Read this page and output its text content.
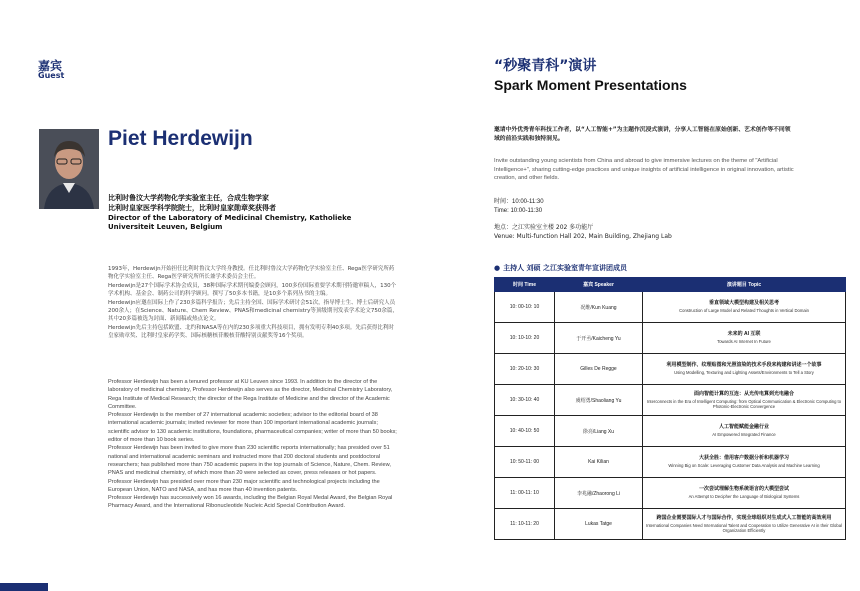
嘉宾
Guest
Piet Herdewijn
比利时鲁汶大学药物化学实验室主任，合成生物学家
比利时皇家医学科学院院士，比利时皇家勋章奖获得者
Director of the Laboratory of Medicinal Chemistry, Katholieke Universiteit Leuven, Belgium

1993年，Herdewijn开始担任比利时鲁汶大学终身教授。任比利时鲁汶大学药物化学实验室主任、Rega医学研究所药物化学实验室主任、Rega医学研究所所长兼学术委员会主任。

Herdewijn是27个国际学术协会成员，38种国际学术期刊编委会顾问，100多份国际重要学术期刊特邀审稿人，130个学术机构、基金会、制药公司的科学顾问。撰写了50多本书籍，是10多个系列丛书的主编。

Herdewijn应邀在国际上作了230多篇科学报告；先后主持全国、国际学术研讨会51次，指导博士生、博士后研究人员200余人；在Science、Nature、Chem Review、PNAS和medicinal chemistry等顶级期刊发表学术论文750余篇，其中20多篇被选为封面、新闻稿或热点论文。

Herdewijn先后主持包括欧盟、北约和NASA等在内的230多项重大科技项目，拥有发明专利40多项。先后获得比利时皇家勋章奖、比利时皇家药学奖、国际核糖核苷酸核苷酸特别贡献奖等16个奖项。

Professor Herdewijn has been a tenured professor at KU Leuven since 1993. In addition to the director of the laboratory of medicinal chemistry, Professor Herdewijn also serves as the director, Medicinal Chemistry Laboratory, Rega Institute of Medical Research; the director of the Rega Institute of Medicine and the director of the Academic Committee.

Professor Herdewijn is the member of 27 international academic societies; advisor to the editorial board of 38 international academic journals; invited reviewer for more than 100 important international academic journals; scientific advisor to 130 academic institutions, foundations, pharmaceutical companies; writer of more than 50 books; editor of more than 10 book series.

Professor Herdewijn has been invited to give more than 230 scientific reports internationally; has presided over 51 national and international academic seminars and instructed more that 200 doctoral students and postdoctoral researchers; has published more than 750 academic papers in the top journals of Science, Nature, Chem. Review, PNAS and medicinal chemistry, of which more than 20 were selected as cover, press releases or hot papers.

Professor Herdewijn has presided over more than 230 major scientific and technological projects including the European Union, NATO and NASA, and has more than 40 invention patents.

Professor Herdewijn has successively won 16 awards, including the Belgian Royal Medal Award, the Belgian Royal Pharmacy Award, and the International Ribonucleotide Nucleic Acid Special Contribution Award.

“秒聚青科”演讲
Spark Moment Presentations
邀请中外优秀青年科技工作者，以“人工智能+”为主题作沉浸式演讲，分享人工智能在原始创新、艺术创作等不同领域的前沿实践和独特洞见。
Invite outstanding young scientists from China and abroad to give immersive lectures on the theme of "Artificial Intelligence+", sharing cutting-edge practices and unique insights of artificial intelligence in original innovation, artistic creation, and other fields.
时间：10:00-11:30
Time: 10:00-11:30
地点：之江实验室主楼 202 多功能厅
Venue: Multi-function Hall 202, Main Building, Zhejiang Lab
● 主持人 刘硕 之江实验室青年宣讲团成员
时间 Time	嘉宾 Speaker	演讲题目 Topic
10: 00-10: 10	况维/Kun Kuang	垂直领域大模型构建及相关思考
Construction of Large Model and Related Thoughts in Vertical Domain

10: 10-10: 20	于开丞/Kaicheng Yu	未来的 AI 互联
Towards AI Internet In Future

10: 20-10: 30	Gilles De Regge	利用模型制作、纹理贴图和光照渲染的技术手段来构建和讲述一个故事
Using Modelling, Texturing and Lighting Assets/Environments to Tell a Story

10: 30-10: 40	虞绍勇/Shaoliang Yu	面向智能计算的互连：从光传电算到光电融合
Interconnects in the Era of Intelligent Computing: from Optical Communication & Electronic Computing to Photonic-Electronic Convergence

10: 40-10: 50	徐亮/Liang Xu	人工智能赋能金融行业
AI Empowered Integrated Finance

10: 50-11: 00	Kai Kilian	大获全胜：借用客户数据分析和机器学习
Winning Big on Scale: Leveraging Customer Data Analysis and Machine Learning

11: 00-11: 10	李兆融/Zhaorong Li	一次尝试理解生物系统语言的大模型尝试
An Attempt to Decipher the Language of Biological Systems

11: 10-11: 20	Lukas Tatge	跨国企业需要国际人才与国际合作，实现全球组织对生成式人工智能的高效利用
International Companies Need International Talent and Cooperation to Utilize Generative AI in their Global Organization Efficiently
